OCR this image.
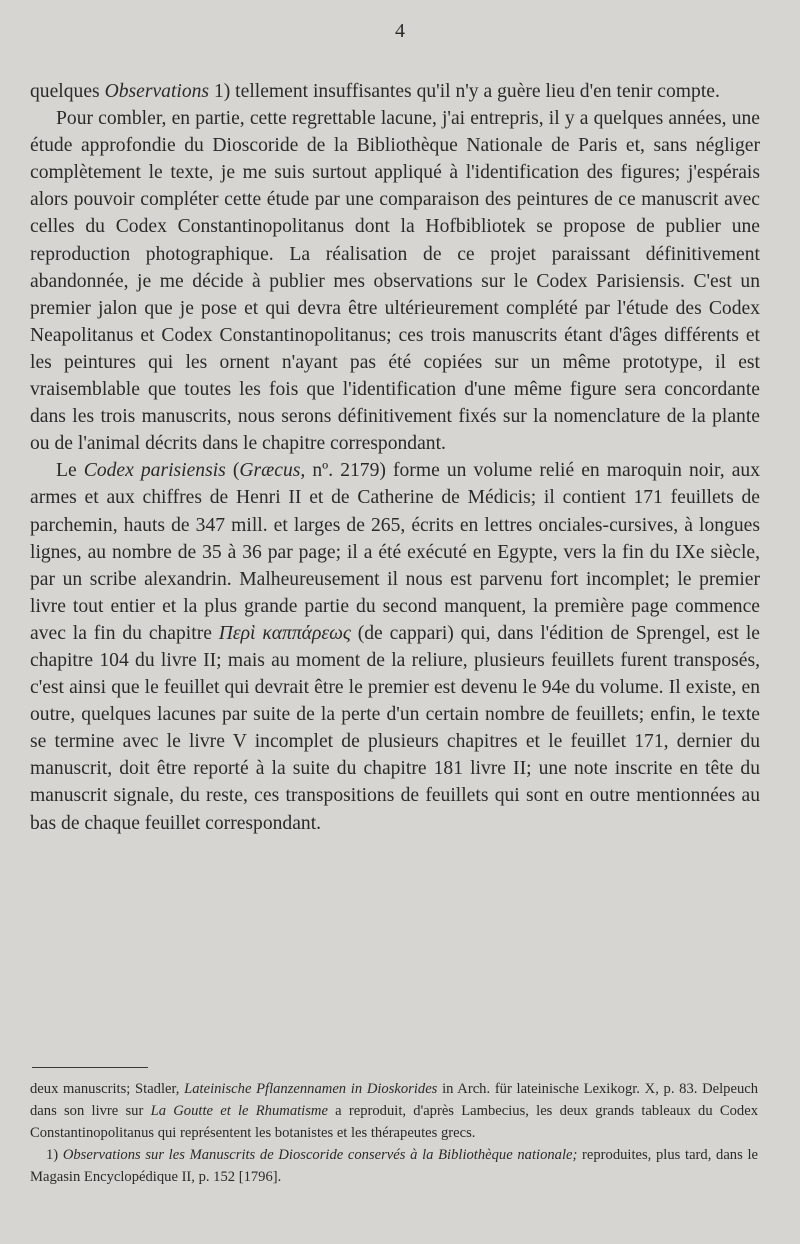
4

quelques Observations 1) tellement insuffisantes qu'il n'y a guère lieu d'en tenir compte.

Pour combler, en partie, cette regrettable lacune, j'ai entrepris, il y a quelques années, une étude approfondie du Dioscoride de la Bibliothèque Nationale de Paris et, sans négliger complètement le texte, je me suis surtout appliqué à l'identification des figures; j'espérais alors pouvoir compléter cette étude par une comparaison des peintures de ce manuscrit avec celles du Codex Constantinopolitanus dont la Hofbibliotek se propose de publier une reproduction photographique. La réalisation de ce projet paraissant définitivement abandonnée, je me décide à publier mes observations sur le Codex Parisiensis. C'est un premier jalon que je pose et qui devra être ultérieurement complété par l'étude des Codex Neapolitanus et Codex Constantinopolitanus; ces trois manuscrits étant d'âges différents et les peintures qui les ornent n'ayant pas été copiées sur un même prototype, il est vraisemblable que toutes les fois que l'identification d'une même figure sera concordante dans les trois manuscrits, nous serons définitivement fixés sur la nomenclature de la plante ou de l'animal décrits dans le chapitre correspondant.

Le Codex parisiensis (Græcus, nº. 2179) forme un volume relié en maroquin noir, aux armes et aux chiffres de Henri II et de Catherine de Médicis; il contient 171 feuillets de parchemin, hauts de 347 mill. et larges de 265, écrits en lettres onciales-cursives, à longues lignes, au nombre de 35 à 36 par page; il a été exécuté en Egypte, vers la fin du IXe siècle, par un scribe alexandrin. Malheureusement il nous est parvenu fort incomplet; le premier livre tout entier et la plus grande partie du second manquent, la première page commence avec la fin du chapitre Περὶ καππάρεως (de cappari) qui, dans l'édition de Sprengel, est le chapitre 104 du livre II; mais au moment de la reliure, plusieurs feuillets furent transposés, c'est ainsi que le feuillet qui devrait être le premier est devenu le 94e du volume. Il existe, en outre, quelques lacunes par suite de la perte d'un certain nombre de feuillets; enfin, le texte se termine avec le livre V incomplet de plusieurs chapitres et le feuillet 171, dernier du manuscrit, doit être reporté à la suite du chapitre 181 livre II; une note inscrite en tête du manuscrit signale, du reste, ces transpositions de feuillets qui sont en outre mentionnées au bas de chaque feuillet correspondant.

deux manuscrits; Stadler, Lateinische Pflanzennamen in Dioskorides in Arch. für lateinische Lexikogr. X, p. 83. Delpeuch dans son livre sur La Goutte et le Rhumatisme a reproduit, d'après Lambecius, les deux grands tableaux du Codex Constantinopolitanus qui représentent les botanistes et les thérapeutes grecs.

1) Observations sur les Manuscrits de Dioscoride conservés à la Bibliothèque nationale; reproduites, plus tard, dans le Magasin Encyclopédique II, p. 152 [1796].
